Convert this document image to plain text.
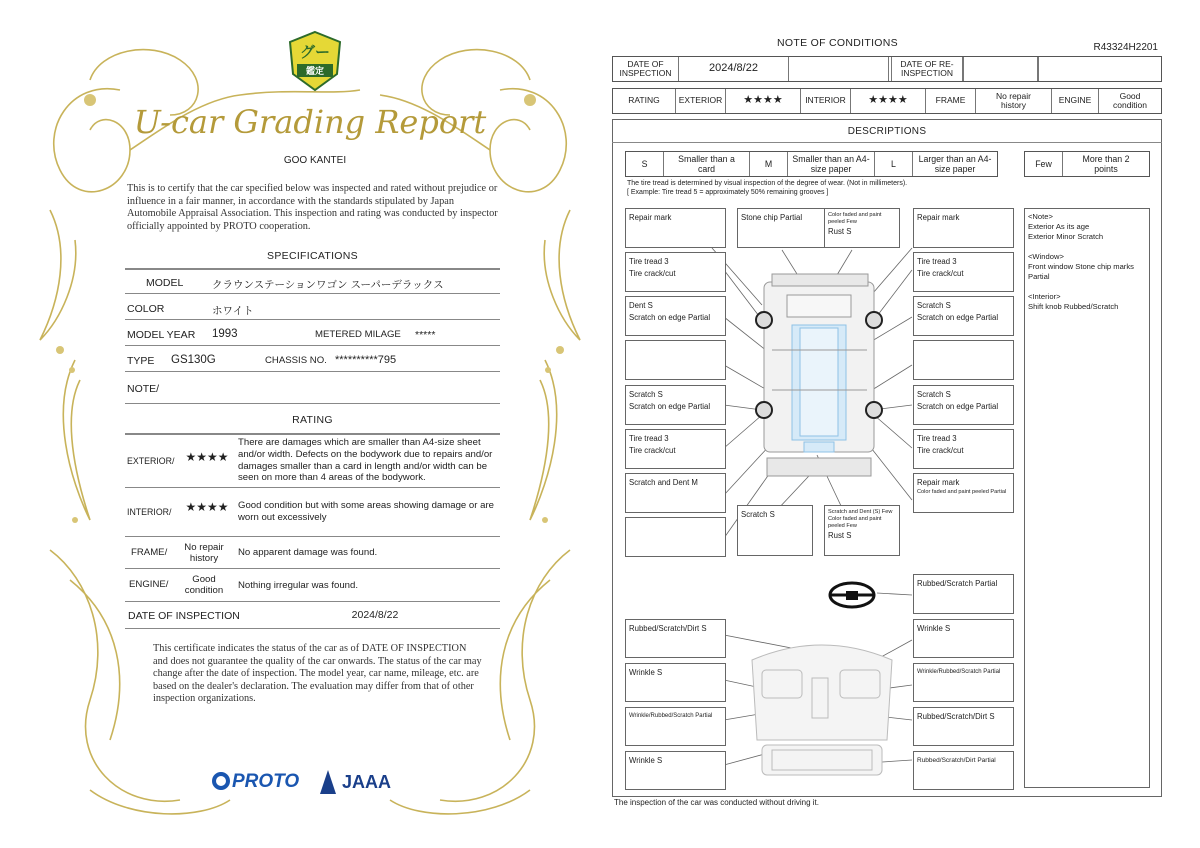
グー
鑑定
U-car Grading Report
GOO KANTEI
This is to certify that the car specified below was inspected and rated without prejudice or influence in a fair manner, in accordance with the standards stipulated by Japan Automobile Appraisal Association. This inspection and rating was conducted by inspector officially appointed by PROTO cooperation.
SPECIFICATIONS
MODEL	クラウンステーションワゴン スーパーデラックス
COLOR	ホワイト
MODEL YEAR 1993	METERED MILAGE *****
TYPE GS130G	CHASSIS NO. **********795
NOTE/
RATING
EXTERIOR/ ★★★★
There are damages which are smaller than A4-size sheet and/or width. Defects on the bodywork due to repairs and/or damages smaller than a card in length and/or width can be seen on more than 4 areas of the bodywork.
INTERIOR/ ★★★★ Good condition but with some areas showing damage or are worn out excessively
FRAME/	No repair history
No apparent damage was found.
ENGINE/	Good condition	Nothing irregular was found.
DATE OF INSPECTION	2024/8/22
This certificate indicates the status of the car as of DATE OF INSPECTION and does not guarantee the quality of the car onwards. The status of the car may change after the date of inspection. The model year, car name, mileage, etc. are based on the dealer's declaration. The evaluation may differ from that of other inspection organizations.
PROTO JAAA
NOTE OF CONDITIONS	R43324H2201
DATE OF INSPECTION	2024/8/22	DATE OF RE-INSPECTION
RATING	EXTERIOR	★★★★	INTERIOR	★★★★	FRAME	No repair history	ENGINE	Good condition
DESCRIPTIONS
S	Smaller than a card	M	Smaller than an A4-size paper	L	Larger than an A4-size paper	Few	More than 2 points
The tire tread is determined by visual inspection of the degree of wear. (Not in millimeters).
[ Example: Tire tread 5 = approximately 50% remaining grooves ]
Repair mark	Stone chip Partial	Color faded and paint peeled Few
Rust S
Repair mark
Tire tread 3
Tire crack/cut
Tire tread 3
Tire crack/cut
Dent S
Scratch on edge Partial
Scratch S
Scratch on edge Partial
Scratch S
Scratch on edge Partial
Scratch S
Scratch on edge Partial
Tire tread 3
Tire crack/cut
Tire tread 3
Tire crack/cut
Scratch and Dent M	Repair mark
Color faded and paint peeled Partial
Scratch S	Scratch and Dent (S) Few
Color faded and paint peeled Few
Rust S
Rubbed/Scratch Partial
Rubbed/Scratch/Dirt S	Wrinkle S
Wrinkle S	Wrinkle/Rubbed/Scratch Partial
Wrinkle/Rubbed/Scratch Partial	Rubbed/Scratch/Dirt S
Wrinkle S	Rubbed/Scratch/Dirt Partial
<Note>
Exterior As its age
Exterior Minor Scratch
<Window>
Front window Stone chip marks Partial
<Interior>
Shift knob Rubbed/Scratch
The inspection of the car was conducted without driving it.
